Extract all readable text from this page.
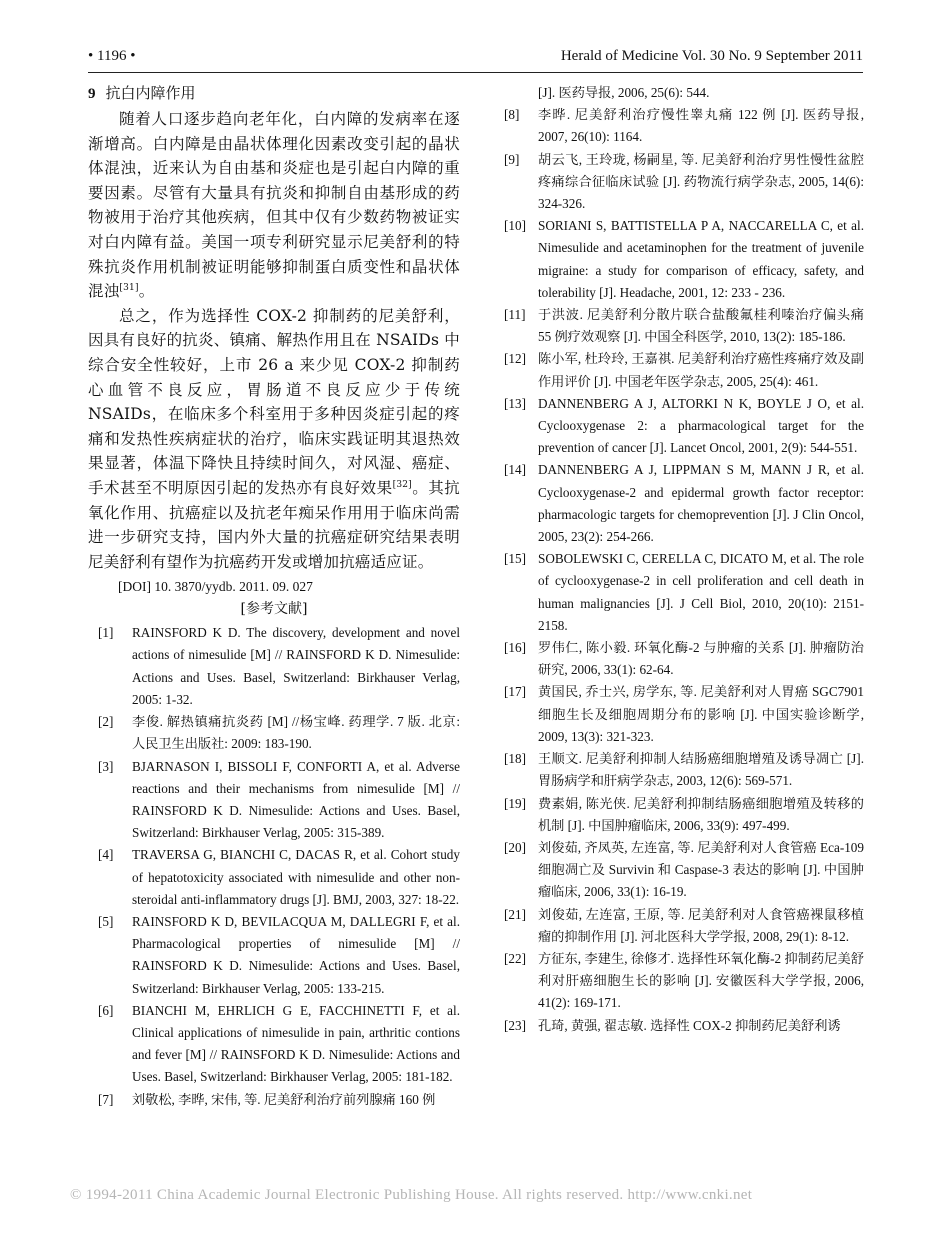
• 1196 •	Herald of Medicine Vol. 30 No. 9 September 2011
9 抗白内障作用

随着人口逐步趋向老年化，白内障的发病率在逐渐增高。白内障是由晶状体理化因素改变引起的晶状体混浊，近来认为自由基和炎症也是引起白内障的重要因素。尽管有大量具有抗炎和抑制自由基形成的药物被用于治疗其他疾病，但其中仅有少数药物被证实对白内障有益。美国一项专利研究显示尼美舒利的特殊抗炎作用机制被证明能够抑制蛋白质变性和晶状体混浊[31]。

总之，作为选择性 COX-2 抑制药的尼美舒利，因具有良好的抗炎、镇痛、解热作用且在 NSAIDs 中综合安全性较好，上市 26 a 来少见 COX-2 抑制药心血管不良反应，胃肠道不良反应少于传统 NSAIDs，在临床多个科室用于多种因炎症引起的疼痛和发热性疾病症状的治疗，临床实践证明其退热效果显著，体温下降快且持续时间久，对风湿、癌症、手术甚至不明原因引起的发热亦有良好效果[32]。其抗氧化作用、抗癌症以及抗老年痴呆作用用于临床尚需进一步研究支持，国内外大量的抗癌症研究结果表明尼美舒利有望作为抗癌药开发或增加抗癌适应证。

[DOI] 10. 3870/yydb. 2011. 09. 027
[参考文献]
[1] RAINSFORD K D. The discovery, development and novel actions of nimesulide [M] // RAINSFORD K D. Nimesulide: Actions and Uses. Basel, Switzerland: Birkhauser Verlag, 2005: 1-32.
[2] 李俊. 解热镇痛抗炎药 [M] //杨宝峰. 药理学. 7 版. 北京: 人民卫生出版社: 2009: 183-190.
[3] BJARNASON I, BISSOLI F, CONFORTI A, et al. Adverse reactions and their mechanisms from nimesulide [M] // RAINSFORD K D. Nimesulide: Actions and Uses. Basel, Switzerland: Birkhauser Verlag, 2005: 315-389.
[4] TRAVERSA G, BIANCHI C, DACAS R, et al. Cohort study of hepatotoxicity associated with nimesulide and other non-steroidal anti-inflammatory drugs [J]. BMJ, 2003, 327: 18-22.
[5] RAINSFORD K D, BEVILACQUA M, DALLEGRI F, et al. Pharmacological properties of nimesulide [M] // RAINSFORD K D. Nimesulide: Actions and Uses. Basel, Switzerland: Birkhauser Verlag, 2005: 133-215.
[6] BIANCHI M, EHRLICH G E, FACCHINETTI F, et al. Clinical applications of nimesulide in pain, arthritic contions and fever [M] // RAINSFORD K D. Nimesulide: Actions and Uses. Basel, Switzerland: Birkhauser Verlag, 2005: 181-182.
[7] 刘敬松, 李晔, 宋伟, 等. 尼美舒利治疗前列腺痛 160 例
[J]. 医药导报, 2006, 25(6): 544.
[8] 李晔. 尼美舒利治疗慢性睾丸痛 122 例 [J]. 医药导报, 2007, 26(10): 1164.
[9] 胡云飞, 王玲珑, 杨嗣星, 等. 尼美舒利治疗男性慢性盆腔疼痛综合征临床试验 [J]. 药物流行病学杂志, 2005, 14(6): 324-326.
[10] SORIANI S, BATTISTELLA P A, NACCARELLA C, et al. Nimesulide and acetaminophen for the treatment of juvenile migraine: a study for comparison of efficacy, safety, and tolerability [J]. Headache, 2001, 12: 233 - 236.
[11] 于洪波. 尼美舒利分散片联合盐酸氟桂利嗪治疗偏头痛 55 例疗效观察 [J]. 中国全科医学, 2010, 13(2): 185-186.
[12] 陈小军, 杜玲玲, 王嘉祺. 尼美舒利治疗癌性疼痛疗效及副作用评价 [J]. 中国老年医学杂志, 2005, 25(4): 461.
[13] DANNENBERG A J, ALTORKI N K, BOYLE J O, et al. Cyclooxygenase 2: a pharmacological target for the prevention of cancer [J]. Lancet Oncol, 2001, 2(9): 544-551.
[14] DANNENBERG A J, LIPPMAN S M, MANN J R, et al. Cyclooxygenase-2 and epidermal growth factor receptor: pharmacologic targets for chemoprevention [J]. J Clin Oncol, 2005, 23(2): 254-266.
[15] SOBOLEWSKI C, CERELLA C, DICATO M, et al. The role of cyclooxygenase-2 in cell proliferation and cell death in human malignancies [J]. J Cell Biol, 2010, 20(10): 2151-2158.
[16] 罗伟仁, 陈小毅. 环氧化酶-2 与肿瘤的关系 [J]. 肿瘤防治研究, 2006, 33(1): 62-64.
[17] 黄国民, 乔士兴, 房学东, 等. 尼美舒利对人胃癌 SGC7901 细胞生长及细胞周期分布的影响 [J]. 中国实验诊断学, 2009, 13(3): 321-323.
[18] 王顺文. 尼美舒利抑制人结肠癌细胞增殖及诱导凋亡 [J]. 胃肠病学和肝病学杂志, 2003, 12(6): 569-571.
[19] 费素娟, 陈光侠. 尼美舒利抑制结肠癌细胞增殖及转移的机制 [J]. 中国肿瘤临床, 2006, 33(9): 497-499.
[20] 刘俊茹, 齐凤英, 左连富, 等. 尼美舒利对人食管癌 Eca-109 细胞凋亡及 Survivin 和 Caspase-3 表达的影响 [J]. 中国肿瘤临床, 2006, 33(1): 16-19.
[21] 刘俊茹, 左连富, 王原, 等. 尼美舒利对人食管癌裸鼠移植瘤的抑制作用 [J]. 河北医科大学学报, 2008, 29(1): 8-12.
[22] 方征东, 李建生, 徐修才. 选择性环氧化酶-2 抑制药尼美舒利对肝癌细胞生长的影响 [J]. 安徽医科大学学报, 2006, 41(2): 169-171.
[23] 孔琦, 黄强, 翟志敏. 选择性 COX-2 抑制药尼美舒利诱
© 1994-2011 China Academic Journal Electronic Publishing House. All rights reserved. http://www.cnki.net
